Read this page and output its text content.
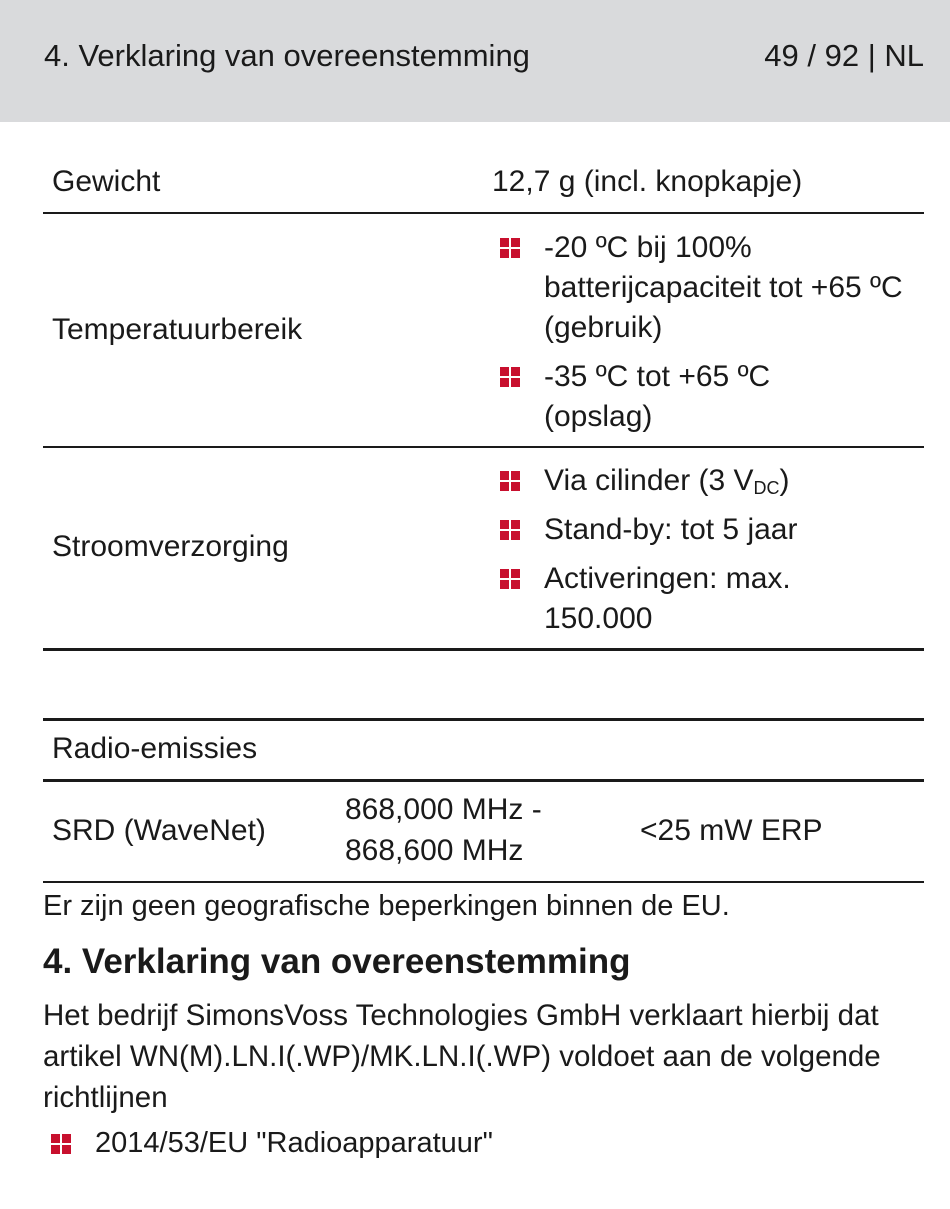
4. Verklaring van overeenstemming	49 / 92 | NL
Gewicht	12,7 g (incl. knopkapje)
Temperatuurbereik
-20 ºC bij 100% batterijcapaciteit tot +65 ºC (gebruik)
-35 ºC tot +65 ºC (opslag)
Stroomverzorging
Via cilinder (3 $V_{DC}$)
Stand-by: tot 5 jaar
Activeringen: max. 150.000
Radio-emissies
SRD (WaveNet)
868,000 MHz -
868,600 MHz
<25 mW ERP
Er zijn geen geografische beperkingen binnen de EU.
4. Verklaring van overeenstemming
Het bedrijf SimonsVoss Technologies GmbH verklaart hierbij dat artikel WN(M).LN.I(.WP)/MK.LN.I(.WP) voldoet aan de volgende richtlijnen
2014/53/EU "Radioapparatuur"
